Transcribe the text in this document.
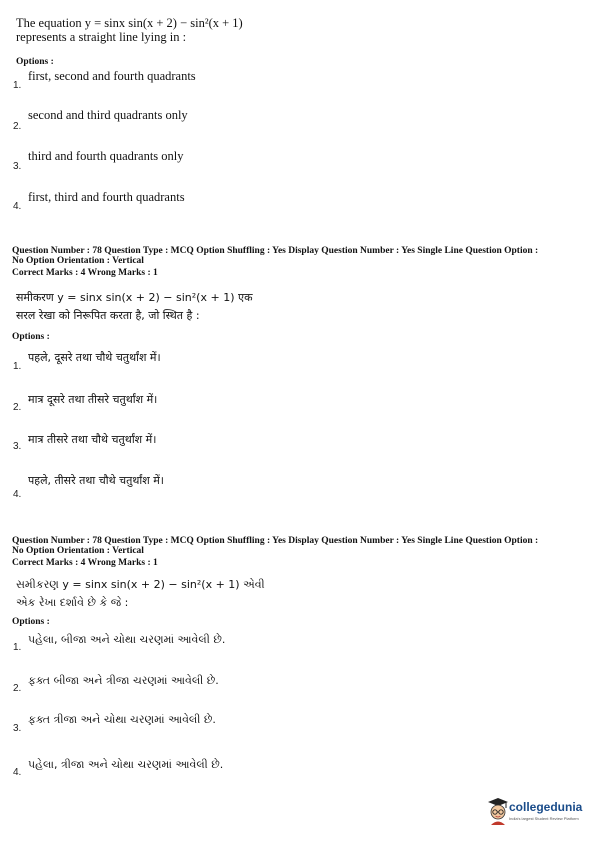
The equation y = sinx sin(x + 2) − sin²(x + 1)
represents a straight line lying in :
Options :
1.
first, second and fourth quadrants
2.
second and third quadrants only
3.
third and fourth quadrants only
4.
first, third and fourth quadrants
Question Number : 78 Question Type : MCQ Option Shuffling : Yes Display Question Number : Yes Single Line Question Option :
No Option Orientation : Vertical
Correct Marks : 4 Wrong Marks : 1
समीकरण y = sinx sin(x + 2) − sin²(x + 1) एक
सरल रेखा को निरूपित करता है, जो स्थित है :
Options :
1.
पहले, दूसरे तथा चौथे चतुर्थांश में।
2.
मात्र दूसरे तथा तीसरे चतुर्थांश में।
3.
मात्र तीसरे तथा चौथे चतुर्थांश में।
4.
पहले, तीसरे तथा चौथे चतुर्थांश में।
Question Number : 78 Question Type : MCQ Option Shuffling : Yes Display Question Number : Yes Single Line Question Option :
No Option Orientation : Vertical
Correct Marks : 4 Wrong Marks : 1
સમીકરણ y = sinx sin(x + 2) − sin²(x + 1) એવી
એક રેખા દર્શાવે છે કે જે :
Options :
1.
પહેલા, બીજા અને ચોથા ચરણમાં આવેલી છે.
2.
ફક્ત બીજા અને ત્રીજા ચરણમાં આવેલી છે.
3.
ફક્ત ત્રીજા અને ચોથા ચરણમાં આવેલી છે.
4.
પહેલા, ત્રીજા અને ચોથા ચરણમાં આવેલી છે.
collegedunia
India's largest Student Review Platform
